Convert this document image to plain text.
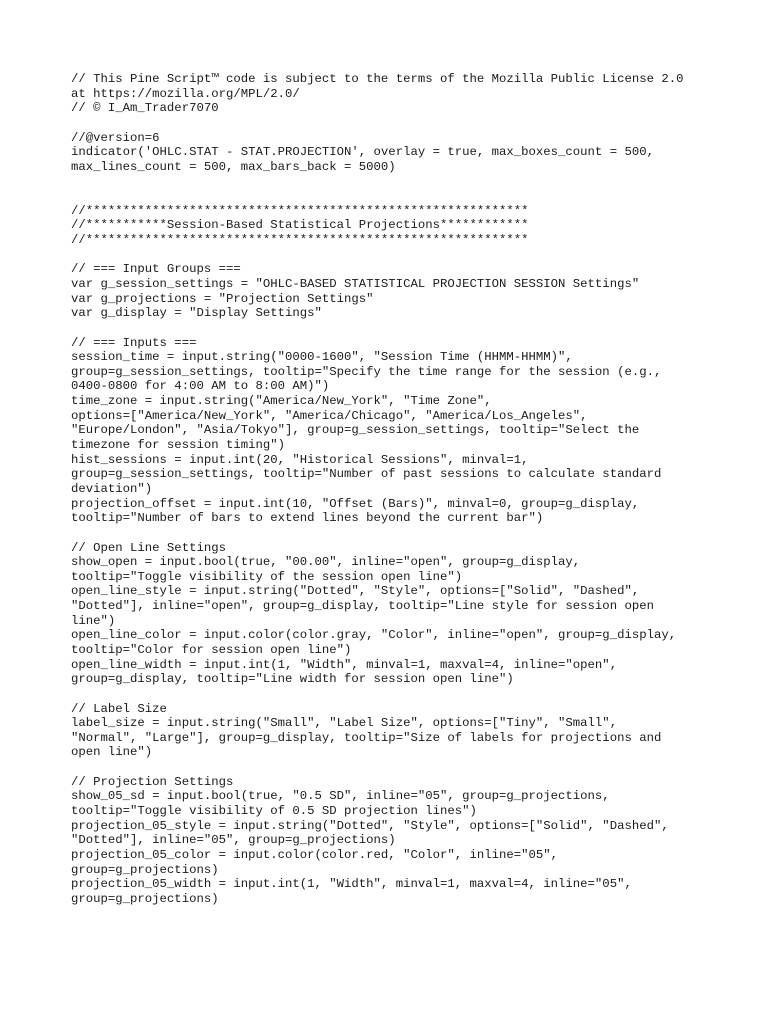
// This Pine Script™ code is subject to the terms of the Mozilla Public License 2.0
at https://mozilla.org/MPL/2.0/
// © I_Am_Trader7070
//@version=6
indicator('OHLC.STAT - STAT.PROJECTION', overlay = true, max_boxes_count = 500,
max_lines_count = 500, max_bars_back = 5000)
//************************************************************
//***********Session-Based Statistical Projections************
//************************************************************
// === Input Groups ===
var g_session_settings = "OHLC-BASED STATISTICAL PROJECTION SESSION Settings"
var g_projections = "Projection Settings"
var g_display = "Display Settings"
// === Inputs ===
session_time = input.string("0000-1600", "Session Time (HHMM-HHMM)",
group=g_session_settings, tooltip="Specify the time range for the session (e.g.,
0400-0800 for 4:00 AM to 8:00 AM)")
time_zone = input.string("America/New_York", "Time Zone",
options=["America/New_York", "America/Chicago", "America/Los_Angeles",
"Europe/London", "Asia/Tokyo"], group=g_session_settings, tooltip="Select the
timezone for session timing")
hist_sessions = input.int(20, "Historical Sessions", minval=1,
group=g_session_settings, tooltip="Number of past sessions to calculate standard
deviation")
projection_offset = input.int(10, "Offset (Bars)", minval=0, group=g_display,
tooltip="Number of bars to extend lines beyond the current bar")
// Open Line Settings
show_open = input.bool(true, "00.00", inline="open", group=g_display,
tooltip="Toggle visibility of the session open line")
open_line_style = input.string("Dotted", "Style", options=["Solid", "Dashed",
"Dotted"], inline="open", group=g_display, tooltip="Line style for session open
line")
open_line_color = input.color(color.gray, "Color", inline="open", group=g_display,
tooltip="Color for session open line")
open_line_width = input.int(1, "Width", minval=1, maxval=4, inline="open",
group=g_display, tooltip="Line width for session open line")
// Label Size
label_size = input.string("Small", "Label Size", options=["Tiny", "Small",
"Normal", "Large"], group=g_display, tooltip="Size of labels for projections and
open line")
// Projection Settings
show_05_sd = input.bool(true, "0.5 SD", inline="05", group=g_projections,
tooltip="Toggle visibility of 0.5 SD projection lines")
projection_05_style = input.string("Dotted", "Style", options=["Solid", "Dashed",
"Dotted"], inline="05", group=g_projections)
projection_05_color = input.color(color.red, "Color", inline="05",
group=g_projections)
projection_05_width = input.int(1, "Width", minval=1, maxval=4, inline="05",
group=g_projections)
